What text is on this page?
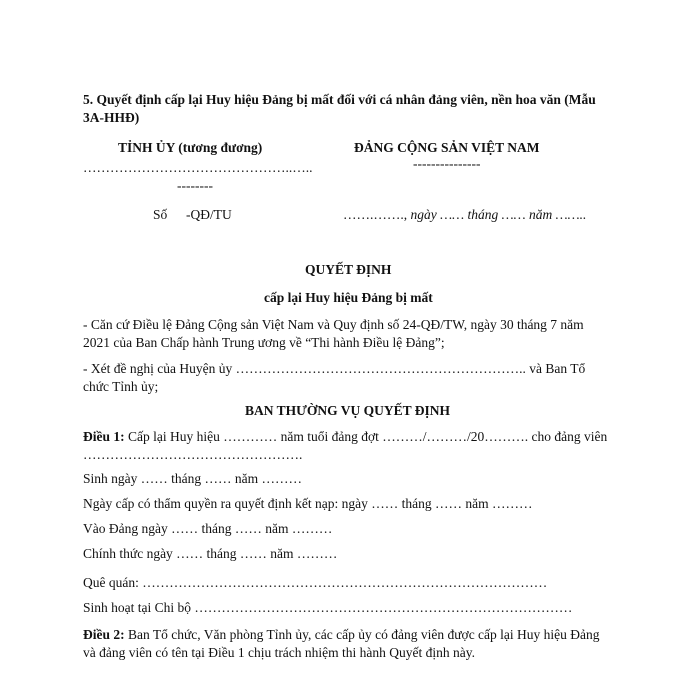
5. Quyết định cấp lại Huy hiệu Đảng bị mất đối với cá nhân đảng viên, nền hoa văn (Mẫu
3A-HHĐ)
TỈNH ỦY (tương đương)	ĐẢNG CỘNG SẢN VIỆT NAM
………………………………………..…..	---------------
--------
Số -QĐ/TU	…….……., ngày …… tháng …… năm ……..
QUYẾT ĐỊNH
cấp lại Huy hiệu Đảng bị mất
- Căn cứ Điều lệ Đảng Cộng sản Việt Nam và Quy định số 24-QĐ/TW, ngày 30 tháng 7 năm
2021 của Ban Chấp hành Trung ương về “Thi hành Điều lệ Đảng”;
- Xét đề nghị của Huyện ủy ……………………………………………………….. và Ban Tổ
chức Tỉnh ủy;
BAN THƯỜNG VỤ QUYẾT ĐỊNH
Điều 1: Cấp lại Huy hiệu ………… năm tuổi đảng đợt ………/………/20………. cho đảng viên
………………………………………….
Sinh ngày …… tháng …… năm ………
Ngày cấp có thẩm quyền ra quyết định kết nạp: ngày …… tháng …… năm ………
Vào Đảng ngày …… tháng …… năm ………
Chính thức ngày …… tháng …… năm ………
Quê quán: ………………………………………………………………………………
Sinh hoạt tại Chi bộ …………………………………………………………………………
Điều 2: Ban Tổ chức, Văn phòng Tỉnh ủy, các cấp ủy có đảng viên được cấp lại Huy hiệu Đảng
và đảng viên có tên tại Điều 1 chịu trách nhiệm thi hành Quyết định này.
